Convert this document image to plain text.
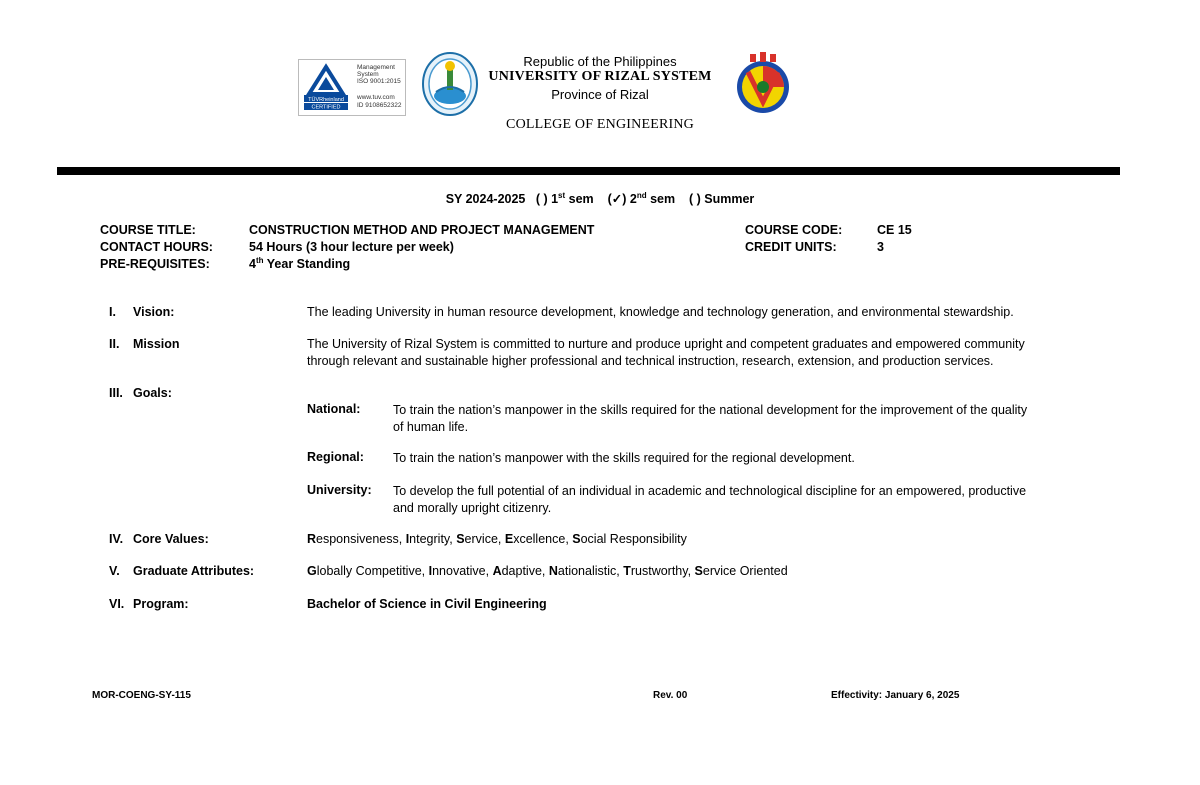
TÜVRheinland
CERTIFIED
Management
System
ISO 9001:2015
www.tuv.com
ID 9108652322
Republic of the Philippines
UNIVERSITY OF RIZAL SYSTEM
Province of Rizal
COLLEGE OF ENGINEERING
SY 2024-2025 ( ) 1st sem (✓) 2nd sem ( ) Summer
COURSE TITLE:	CONSTRUCTION METHOD AND PROJECT MANAGEMENT
CONTACT HOURS:	54 Hours (3 hour lecture per week)
PRE-REQUISITES:	4th Year Standing
COURSE CODE:	CE 15
CREDIT UNITS:	3
I. Vision:	The leading University in human resource development, knowledge and technology generation, and environmental stewardship.
II. Mission	The University of Rizal System is committed to nurture and produce upright and competent graduates and empowered community
through relevant and sustainable higher professional and technical instruction, research, extension, and production services.
III. Goals:
National:	To train the nation’s manpower in the skills required for the national development for the improvement of the quality
of human life.
Regional: To train the nation’s manpower with the skills required for the regional development.
University: To develop the full potential of an individual in academic and technological discipline for an empowered, productive
and morally upright citizenry.
IV. Core Values:	Responsiveness, Integrity, Service, Excellence, Social Responsibility
V. Graduate Attributes:	Globally Competitive, Innovative, Adaptive, Nationalistic, Trustworthy, Service Oriented
VI. Program:	Bachelor of Science in Civil Engineering
MOR-COENG-SY-115	Rev. 00	Effectivity: January 6, 2025
